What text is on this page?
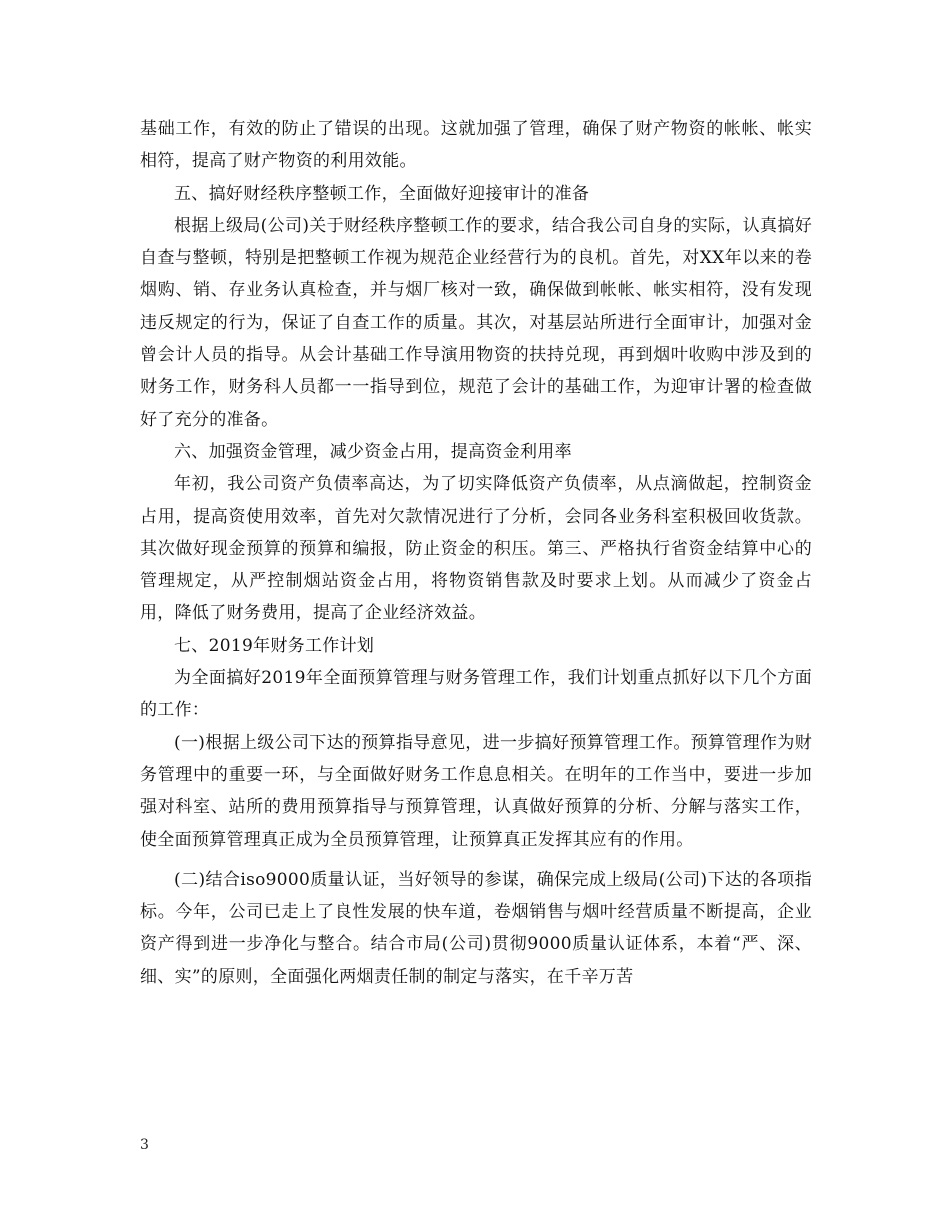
基础工作，有效的防止了错误的出现。这就加强了管理，确保了财产物资的帐帐、帐实相符，提高了财产物资的利用效能。

五、搞好财经秩序整顿工作，全面做好迎接审计的准备

根据上级局(公司)关于财经秩序整顿工作的要求，结合我公司自身的实际，认真搞好自查与整顿，特别是把整顿工作视为规范企业经营行为的良机。首先，对XX年以来的卷烟购、销、存业务认真检查，并与烟厂核对一致，确保做到帐帐、帐实相符，没有发现违反规定的行为，保证了自查工作的质量。其次，对基层站所进行全面审计，加强对金曾会计人员的指导。从会计基础工作导演用物资的扶持兑现，再到烟叶收购中涉及到的财务工作，财务科人员都一一指导到位，规范了会计的基础工作，为迎审计署的检查做好了充分的准备。

六、加强资金管理，减少资金占用，提高资金利用率

年初，我公司资产负债率高达，为了切实降低资产负债率，从点滴做起，控制资金占用，提高资使用效率，首先对欠款情况进行了分析，会同各业务科室积极回收货款。其次做好现金预算的预算和编报，防止资金的积压。第三、严格执行省资金结算中心的管理规定，从严控制烟站资金占用，将物资销售款及时要求上划。从而减少了资金占用，降低了财务费用，提高了企业经济效益。

七、2019年财务工作计划

为全面搞好2019年全面预算管理与财务管理工作，我们计划重点抓好以下几个方面的工作：

(一)根据上级公司下达的预算指导意见，进一步搞好预算管理工作。预算管理作为财务管理中的重要一环，与全面做好财务工作息息相关。在明年的工作当中，要进一步加强对科室、站所的费用预算指导与预算管理，认真做好预算的分析、分解与落实工作，使全面预算管理真正成为全员预算管理，让预算真正发挥其应有的作用。

(二)结合iso9000质量认证，当好领导的参谋，确保完成上级局(公司)下达的各项指标。今年，公司已走上了良性发展的快车道，卷烟销售与烟叶经营质量不断提高，企业资产得到进一步净化与整合。结合市局(公司)贯彻9000质量认证体系，本着“严、深、细、实”的原则，全面强化两烟责任制的制定与落实，在千辛万苦

3
